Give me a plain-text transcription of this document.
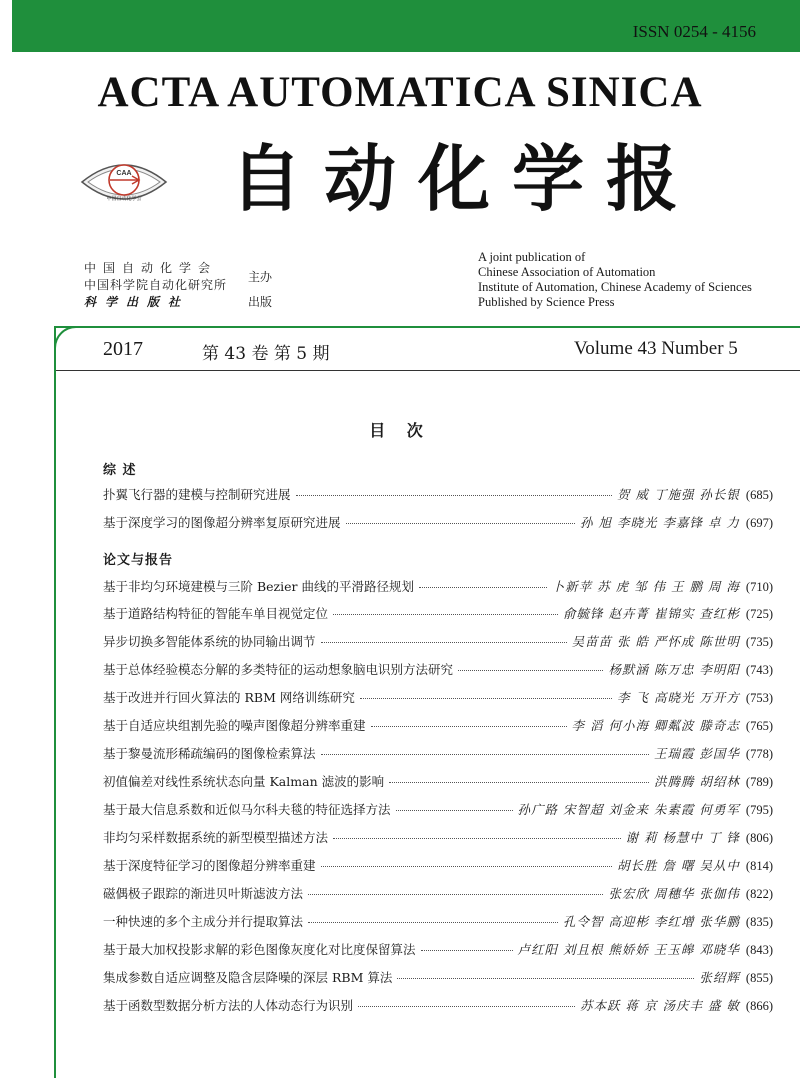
ISSN 0254 - 4156
ACTA AUTOMATICA SINICA
CAA
中国自动化学会 自动化学报
中国自动化学会
中国科学院自动化研究所
主办
科学出版社	出版
A joint publication of
Chinese Association of Automation
Institute of Automation, Chinese Academy of Sciences
Published by Science Press
2017	第 43 卷 第 5 期	Volume 43 Number 5
目 次
综 述
扑翼飞行器的建模与控制研究进展	贺 威 丁施强 孙长银 (685)
基于深度学习的图像超分辨率复原研究进展	孙 旭 李晓光 李嘉锋 卓 力 (697)
论文与报告
基于非均匀环境建模与三阶 Bezier 曲线的平滑路径规划	卜新苹 苏 虎 邹 伟 王 鹏 周 海 (710)
基于道路结构特征的智能车单目视觉定位	俞毓锋 赵卉菁 崔锦实 查红彬 (725)
异步切换多智能体系统的协同输出调节	吴苗苗 张 皓 严怀成 陈世明 (735)
基于总体经验模态分解的多类特征的运动想象脑电识别方法研究	杨默涵 陈万忠 李明阳 (743)
基于改进并行回火算法的 RBM 网络训练研究	李 飞 高晓光 万开方 (753)
基于自适应块组割先验的噪声图像超分辨率重建	李 滔 何小海 卿粼波 滕奇志 (765)
基于黎曼流形稀疏编码的图像检索算法	王瑞霞 彭国华 (778)
初值偏差对线性系统状态向量 Kalman 滤波的影响	洪腾腾 胡绍林 (789)
基于最大信息系数和近似马尔科夫毯的特征选择方法	孙广路 宋智超 刘金来 朱素霞 何勇军 (795)
非均匀采样数据系统的新型模型描述方法	谢 莉 杨慧中 丁 锋 (806)
基于深度特征学习的图像超分辨率重建	胡长胜 詹 曙 吴从中 (814)
磁偶极子跟踪的渐进贝叶斯滤波方法	张宏欣 周穗华 张伽伟 (822)
一种快速的多个主成分并行提取算法	孔令智 高迎彬 李红增 张华鹏 (835)
基于最大加权投影求解的彩色图像灰度化对比度保留算法	卢红阳 刘且根 熊娇娇 王玉皞 邓晓华 (843)
集成参数自适应调整及隐含层降噪的深层 RBM 算法	张绍辉 (855)
基于函数型数据分析方法的人体动态行为识别	苏本跃 蒋 京 汤庆丰 盛 敏 (866)
